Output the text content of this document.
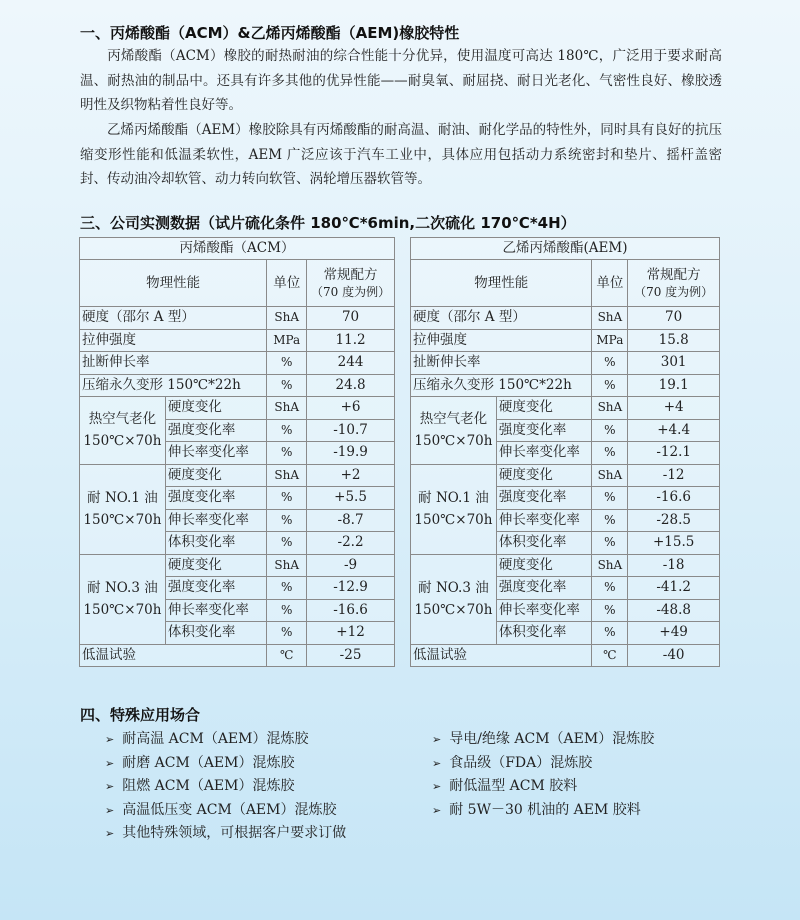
一、丙烯酸酯（ACM）&乙烯丙烯酸酯（AEM)橡胶特性
丙烯酸酯（ACM）橡胶的耐热耐油的综合性能十分优异，使用温度可高达 180℃，广泛用于要求耐高温、耐热油的制品中。还具有许多其他的优异性能——耐臭氧、耐屈挠、耐日光老化、气密性良好、橡胶透明性及织物粘着性良好等。
乙烯丙烯酸酯（AEM）橡胶除具有丙烯酸酯的耐高温、耐油、耐化学品的特性外，同时具有良好的抗压缩变形性能和低温柔软性，AEM 广泛应该于汽车工业中，具体应用包括动力系统密封和垫片、摇杆盖密封、传动油冷却软管、动力转向软管、涡轮增压器软管等。
三、公司实测数据（试片硫化条件 180℃*6min,二次硫化 170℃*4H）
丙烯酸酯（ACM）			
物理性能		单位	常规配方
（70 度为例）

硬度（邵尔 A 型）		ShA	70
拉伸强度		MPa	11.2
扯断伸长率		%	244
压缩永久变形 150℃*22h		%	24.8

热空气老化
150℃×70h	硬度变化	ShA	+6
	强度变化率	%	-10.7
	伸长率变化率	%	-19.9

耐 NO.1 油
150℃×70h	硬度变化	ShA	+2
	强度变化率	%	+5.5
	伸长率变化率	%	-8.7
	体积变化率	%	-2.2

耐 NO.3 油
150℃×70h	硬度变化	ShA	-9
	强度变化率	%	-12.9
	伸长率变化率	%	-16.6
	体积变化率	%	+12
低温试验		℃	-25
乙烯丙烯酸酯(AEM)			
物理性能		单位	常规配方
（70 度为例）

硬度（邵尔 A 型）		ShA	70
拉伸强度		MPa	15.8
扯断伸长率		%	301
压缩永久变形 150℃*22h		%	19.1

热空气老化
150℃×70h	硬度变化	ShA	+4
	强度变化率	%	+4.4
	伸长率变化率	%	-12.1

耐 NO.1 油
150℃×70h	硬度变化	ShA	-12
	强度变化率	%	-16.6
	伸长率变化率	%	-28.5
	体积变化率	%	+15.5

耐 NO.3 油
150℃×70h	硬度变化	ShA	-18
	强度变化率	%	-41.2
	伸长率变化率	%	-48.8
	体积变化率	%	+49
低温试验		℃	-40
四、特殊应用场合
➢ 耐高温 ACM（AEM）混炼胶
➢ 耐磨 ACM（AEM）混炼胶
➢ 阻燃 ACM（AEM）混炼胶
➢ 高温低压变 ACM（AEM）混炼胶
➢ 其他特殊领域，可根据客户要求订做
➢ 导电/绝缘 ACM（AEM）混炼胶
➢ 食品级（FDA）混炼胶
➢ 耐低温型 ACM 胶料
➢ 耐 5W－30 机油的 AEM 胶料
